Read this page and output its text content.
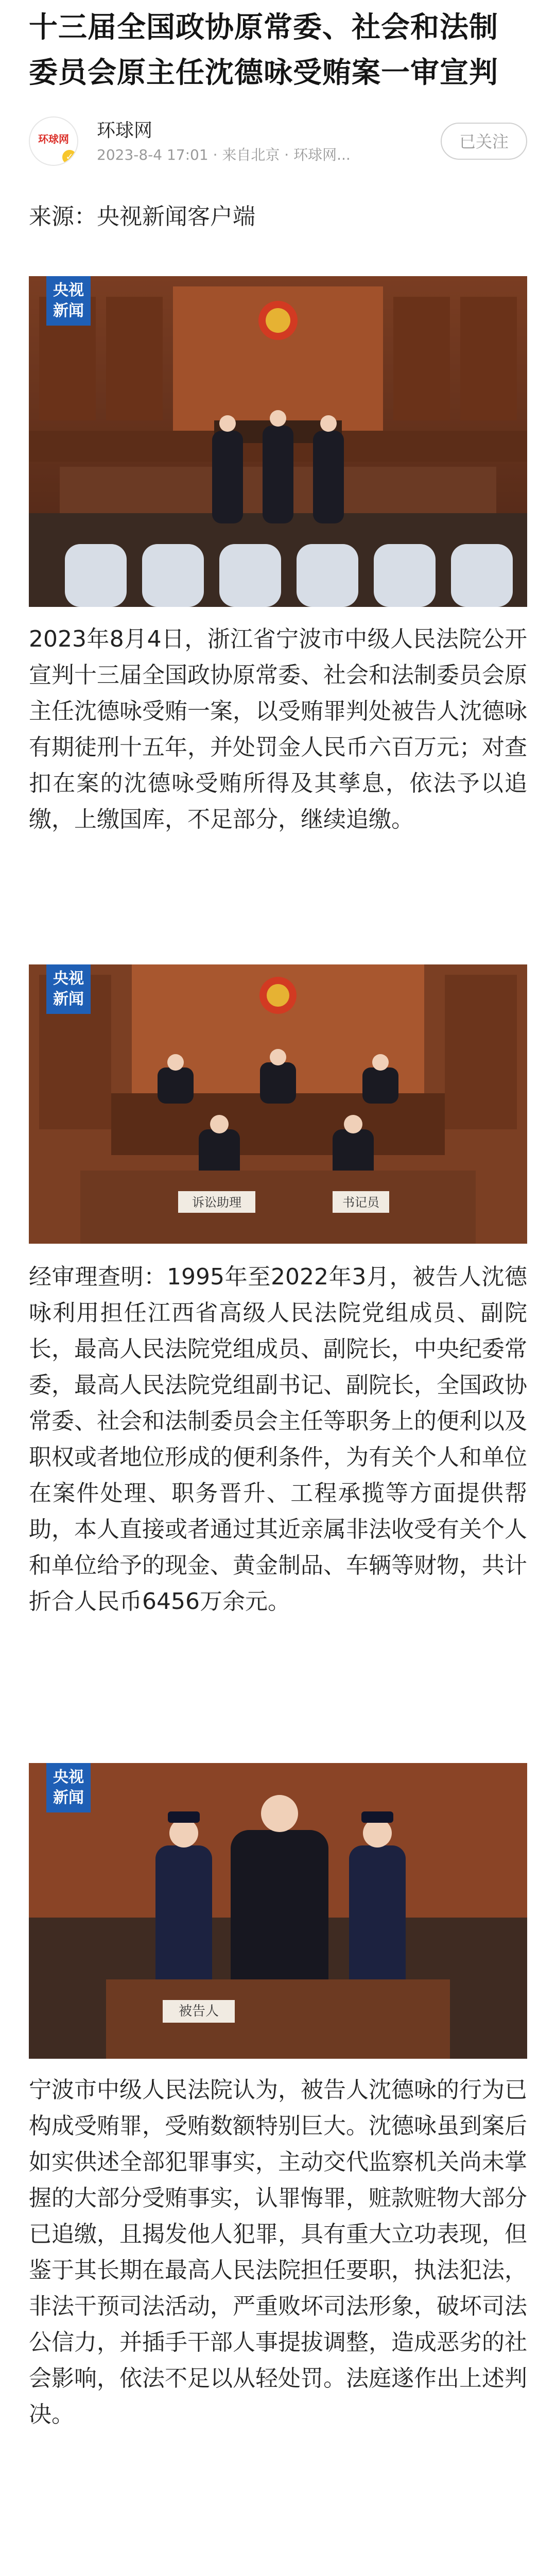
十三届全国政协原常委、社会和法制委员会原主任沈德咏受贿案一审宣判
环球网
✓
环球网
2023-8-4 17:01 · 来自北京 · 环球网...
已关注

来源：央视新闻客户端

央视
新闻

2023年8月4日，浙江省宁波市中级人民法院公开宣判十三届全国政协原常委、社会和法制委员会原主任沈德咏受贿一案，以受贿罪判处被告人沈德咏有期徒刑十五年，并处罚金人民币六百万元；对查扣在案的沈德咏受贿所得及其孳息，依法予以追缴，上缴国库，不足部分，继续追缴。

央视
新闻
诉讼助理	书记员

经审理查明：1995年至2022年3月，被告人沈德咏利用担任江西省高级人民法院党组成员、副院长，最高人民法院党组成员、副院长，中央纪委常委，最高人民法院党组副书记、副院长，全国政协常委、社会和法制委员会主任等职务上的便利以及职权或者地位形成的便利条件，为有关个人和单位在案件处理、职务晋升、工程承揽等方面提供帮助，本人直接或者通过其近亲属非法收受有关个人和单位给予的现金、黄金制品、车辆等财物，共计折合人民币6456万余元。

央视
新闻
被告人

宁波市中级人民法院认为，被告人沈德咏的行为已构成受贿罪，受贿数额特别巨大。沈德咏虽到案后如实供述全部犯罪事实，主动交代监察机关尚未掌握的大部分受贿事实，认罪悔罪，赃款赃物大部分已追缴，且揭发他人犯罪，具有重大立功表现，但鉴于其长期在最高人民法院担任要职，执法犯法，非法干预司法活动，严重败坏司法形象，破坏司法公信力，并插手干部人事提拔调整，造成恶劣的社会影响，依法不足以从轻处罚。法庭遂作出上述判决。
